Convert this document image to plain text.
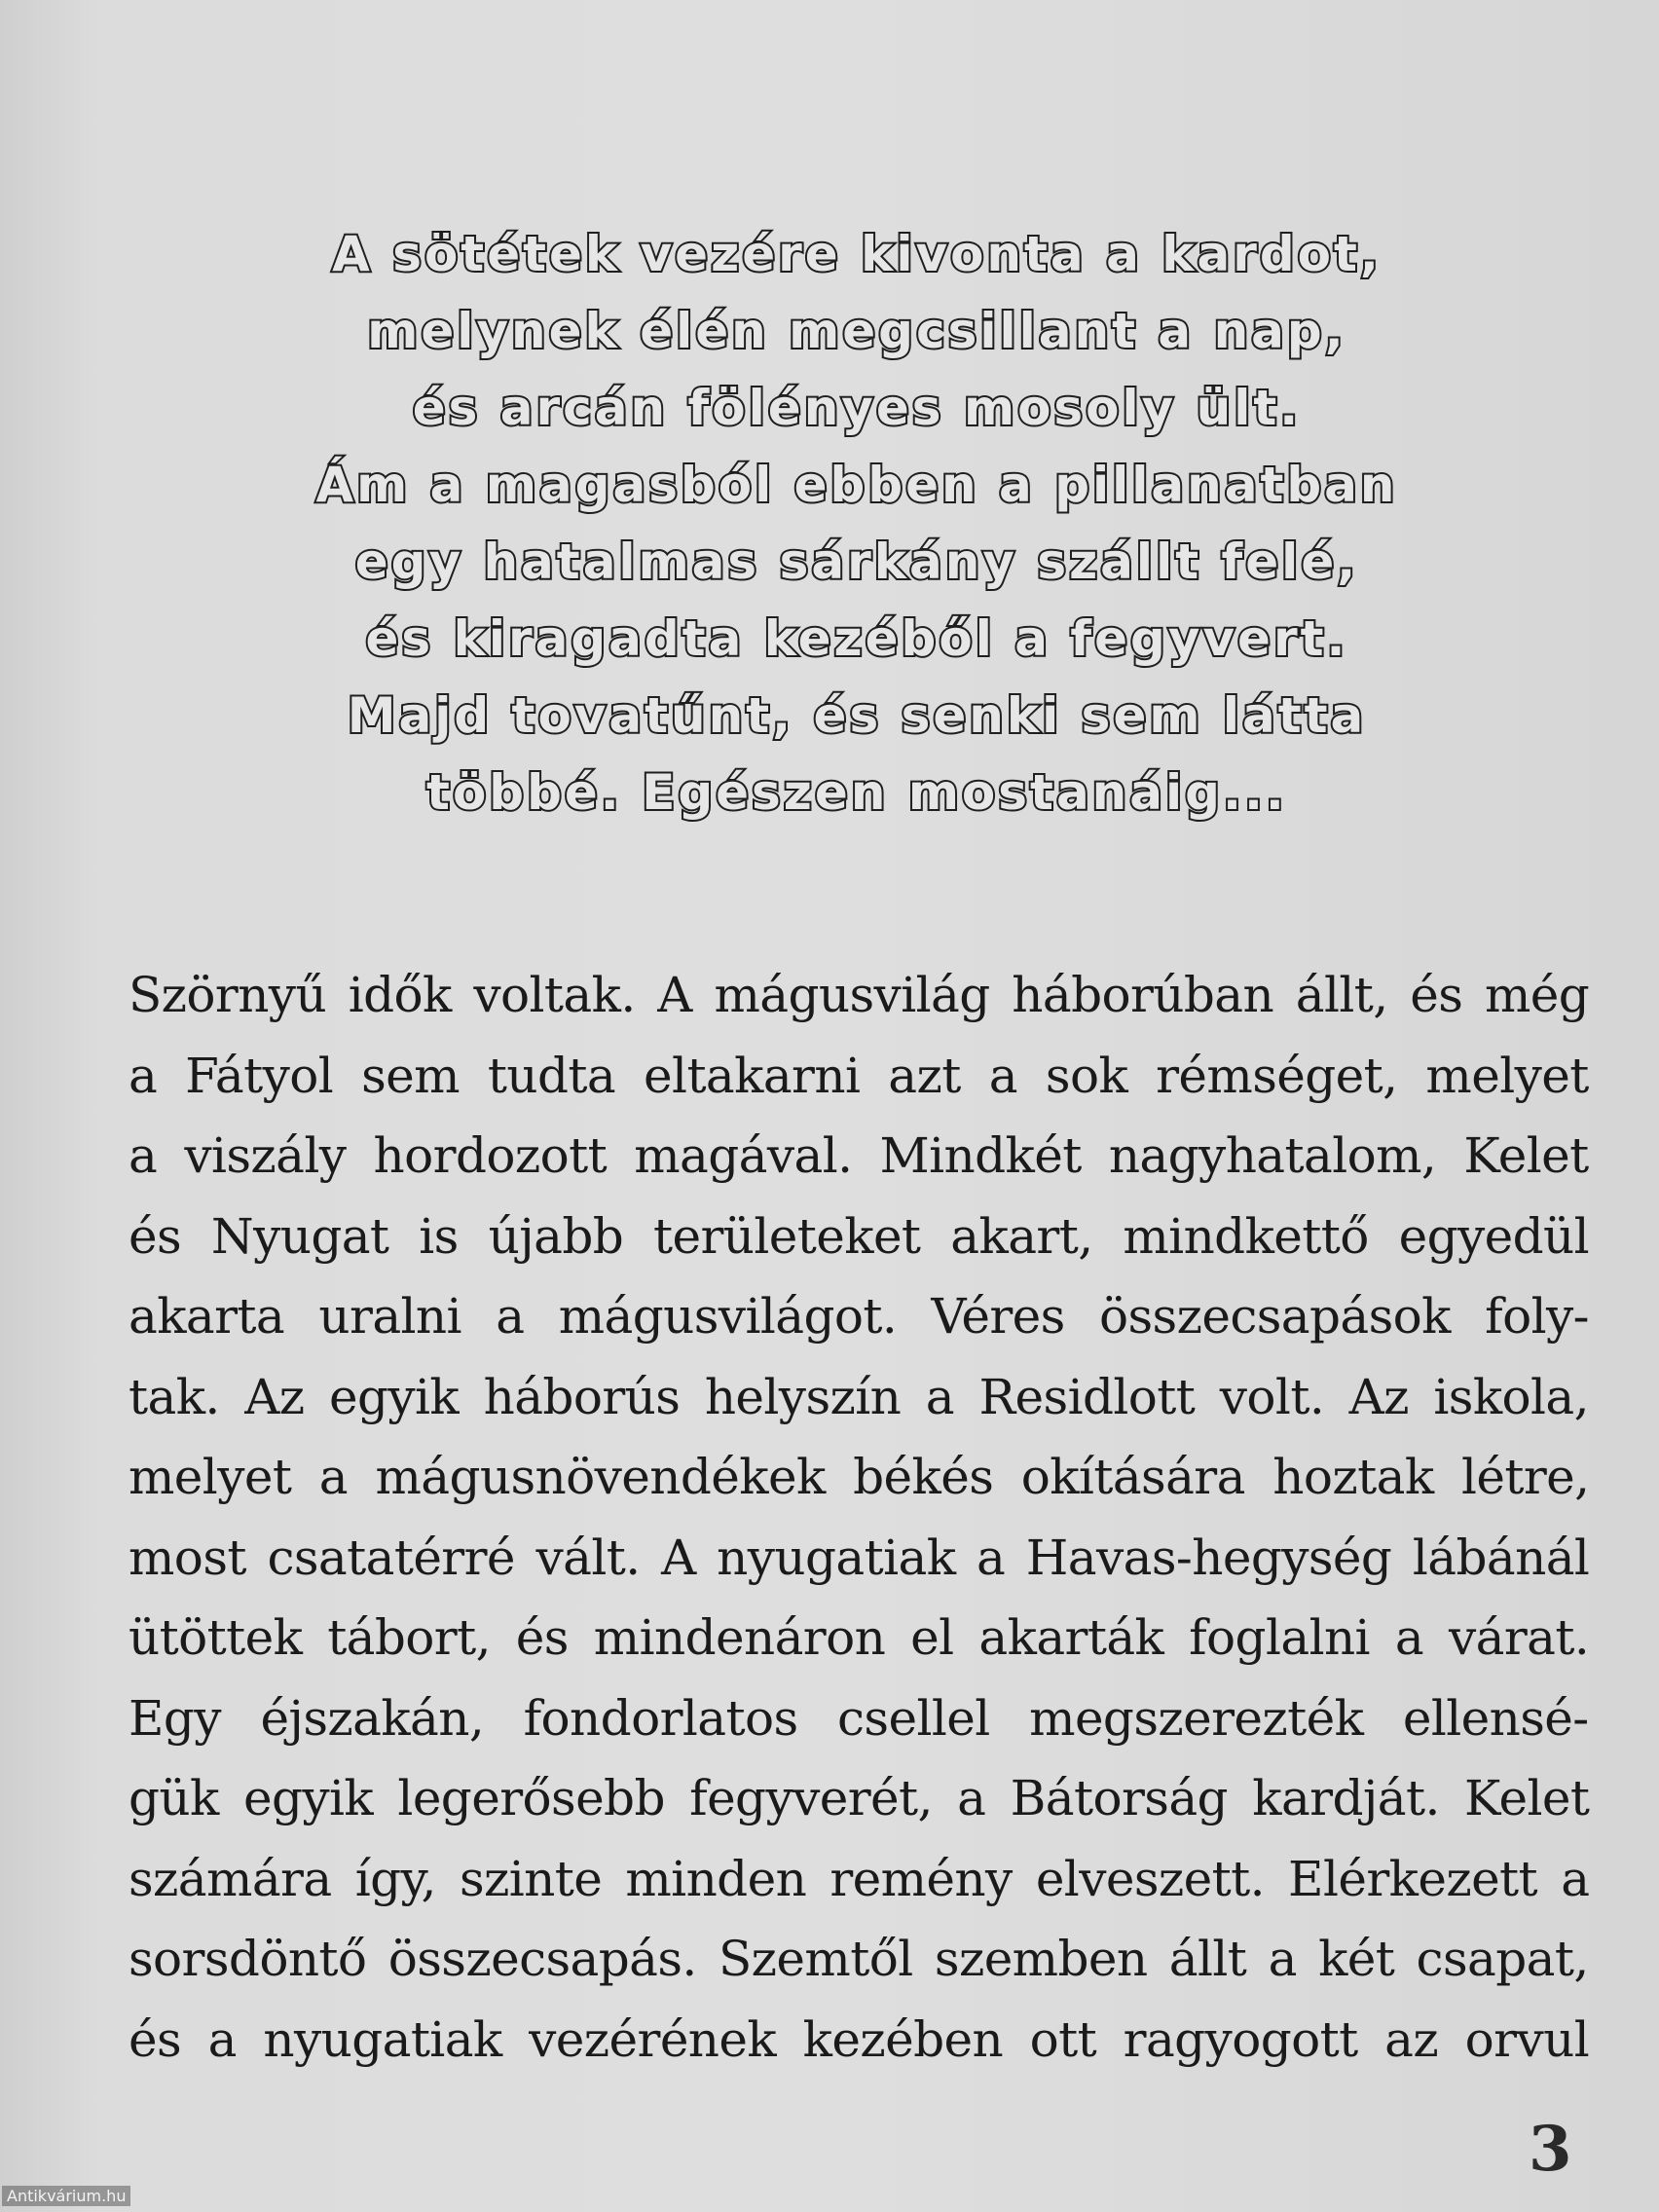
A sötétek vezére kivonta a kardot,
melynek élén megcsillant a nap,
és arcán fölényes mosoly ült.
Ám a magasból ebben a pillanatban
egy hatalmas sárkány szállt felé,
és kiragadta kezéből a fegyvert.
Majd tovatűnt, és senki sem látta
többé. Egészen mostanáig...
Szörnyű idők voltak. A mágusvilág háborúban állt, és még
a Fátyol sem tudta eltakarni azt a sok rémséget, melyet
a viszály hordozott magával. Mindkét nagyhatalom, Kelet
és Nyugat is újabb területeket akart, mindkettő egyedül
akarta uralni a mágusvilágot. Véres összecsapások foly-
tak. Az egyik háborús helyszín a Residlott volt. Az iskola,
melyet a mágusnövendékek békés okítására hoztak létre,
most csatatérré vált. A nyugatiak a Havas-hegység lábánál
ütöttek tábort, és mindenáron el akarták foglalni a várat.
Egy éjszakán, fondorlatos csellel megszerezték ellensé-
gük egyik legerősebb fegyverét, a Bátorság kardját. Kelet
számára így, szinte minden remény elveszett. Elérkezett a
sorsdöntő összecsapás. Szemtől szemben állt a két csapat,
és a nyugatiak vezérének kezében ott ragyogott az orvul
3
Antikvárium.hu
